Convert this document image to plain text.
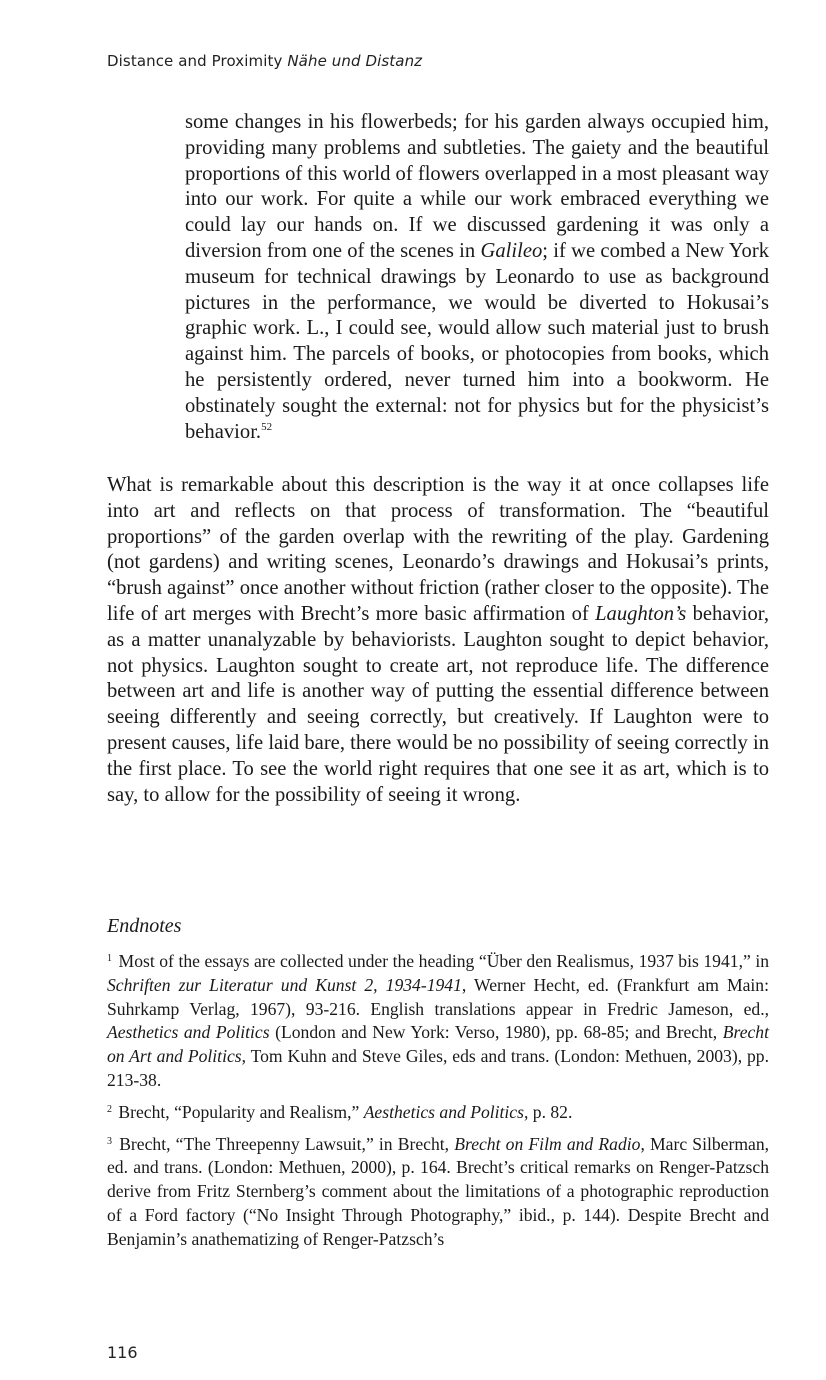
Distance and Proximity Nähe und Distanz

some changes in his flowerbeds; for his garden always occupied him, providing many problems and subtleties. The gaiety and the beautiful proportions of this world of flowers overlapped in a most pleasant way into our work. For quite a while our work embraced everything we could lay our hands on. If we discussed gardening it was only a diversion from one of the scenes in Galileo; if we combed a New York museum for technical drawings by Leonardo to use as background pictures in the performance, we would be diverted to Hokusai’s graphic work. L., I could see, would allow such material just to brush against him. The parcels of books, or photocopies from books, which he persistently ordered, never turned him into a bookworm. He obstinately sought the external: not for physics but for the physicist’s behavior.$^{52}$

What is remarkable about this description is the way it at once collapses life into art and reflects on that process of transformation. The “beautiful proportions” of the garden overlap with the rewriting of the play. Gardening (not gardens) and writing scenes, Leonardo’s drawings and Hokusai’s prints, “brush against” once another without friction (rather closer to the opposite). The life of art merges with Brecht’s more basic affirmation of Laughton’s behavior, as a matter unanalyzable by behaviorists. Laughton sought to depict behavior, not physics. Laughton sought to create art, not reproduce life. The difference between art and life is another way of putting the essential difference between seeing differently and seeing correctly, but creatively. If Laughton were to present causes, life laid bare, there would be no possibility of seeing correctly in the first place. To see the world right requires that one see it as art, which is to say, to allow for the possibility of seeing it wrong.

Endnotes

$^1$ Most of the essays are collected under the heading “Über den Realismus, 1937 bis 1941,” in Schriften zur Literatur und Kunst 2, 1934-1941, Werner Hecht, ed. (Frankfurt am Main: Suhrkamp Verlag, 1967), 93-216. English translations appear in Fredric Jameson, ed., Aesthetics and Politics (London and New York: Verso, 1980), pp. 68-85; and Brecht, Brecht on Art and Politics, Tom Kuhn and Steve Giles, eds and trans. (London: Methuen, 2003), pp. 213-38.

$^2$ Brecht, “Popularity and Realism,” Aesthetics and Politics, p. 82.

$^3$ Brecht, “The Threepenny Lawsuit,” in Brecht, Brecht on Film and Radio, Marc Silberman, ed. and trans. (London: Methuen, 2000), p. 164. Brecht’s critical remarks on Renger-Patzsch derive from Fritz Sternberg’s comment about the limitations of a photographic reproduction of a Ford factory (“No Insight Through Photography,” ibid., p. 144). Despite Brecht and Benjamin’s anathematizing of Renger-Patzsch’s

116
